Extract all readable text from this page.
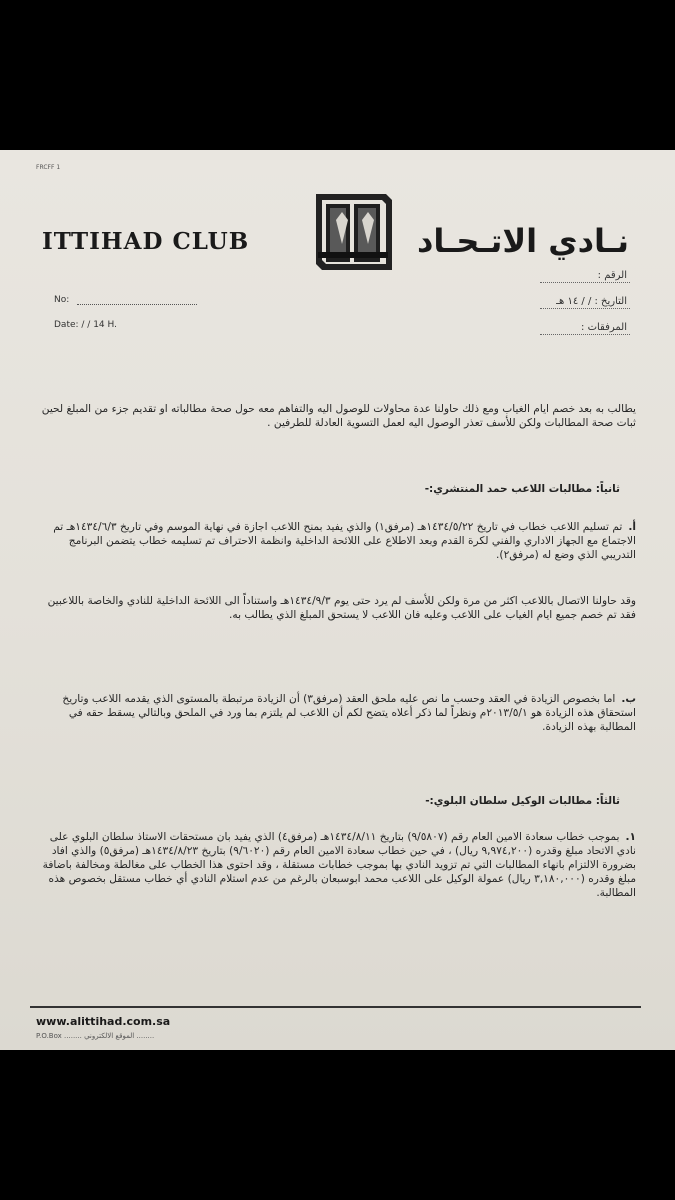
FRCFF 1
ITTIHAD CLUB	نـادي الاتـحـاد
No:
Date: / / 14 H.
الرقم :
التاريخ : / / ١٤ هـ
المرفقات :
يطالب به بعد خصم ايام الغياب ومع ذلك حاولنا عدة محاولات للوصول اليه والتفاهم معه حول صحة مطالباته او تقديم جزء من المبلغ لحين ثبات صحة المطالبات ولكن للأسف تعذر الوصول اليه لعمل التسوية العادلة للطرفين .
ثانياً: مطالبات اللاعب حمد المنتشري:-
أ.تم تسليم اللاعب خطاب في تاريخ ١٤٣٤/٥/٢٢هـ (مرفق١) والذي يفيد بمنح اللاعب اجازة في نهاية الموسم وفي تاريخ ١٤٣٤/٦/٣هـ تم الاجتماع مع الجهاز الاداري والفني لكرة القدم وبعد الاطلاع على اللائحة الداخلية وانظمة الاحتراف تم تسليمه خطاب يتضمن البرنامج التدريبي الذي وضع له (مرفق٢).
وقد حاولنا الاتصال باللاعب اكثر من مرة ولكن للأسف لم يرد حتى يوم ١٤٣٤/٩/٣هـ واستناداً الى اللائحة الداخلية للنادي والخاصة باللاعبين فقد تم خصم جميع ايام الغياب على اللاعب وعليه فان اللاعب لا يستحق المبلغ الذي يطالب به.
ب.اما بخصوص الزيادة في العقد وحسب ما نص عليه ملحق العقد (مرفق٣) أن الزيادة مرتبطة بالمستوى الذي يقدمه اللاعب وتاريخ استحقاق هذه الزيادة هو ٢٠١٣/٥/١م ونظراً لما ذكر أعلاه يتضح لكم أن اللاعب لم يلتزم بما ورد في الملحق وبالتالي يسقط حقه في المطالبة بهذه الزيادة.
ثالثاً: مطالبات الوكيل سلطان البلوي:-
١.بموجب خطاب سعادة الامين العام رقم (٩/٥٨٠٧) بتاريخ ١٤٣٤/٨/١١هـ (مرفق٤) الذي يفيد بان مستحقات الاستاذ سلطان البلوي على نادي الاتحاد مبلغ وقدره (٩,٩٧٤,٢٠٠ ريال) ، في حين خطاب سعادة الامين العام رقم (٩/٦٠٢٠) بتاريخ ١٤٣٤/٨/٢٣هـ (مرفق٥) والذي افاد بضرورة الالتزام بانهاء المطالبات التي تم تزويد النادي بها بموجب خطابات مستقلة ، وقد احتوى هذا الخطاب على مغالطة ومخالفة باضافة مبلغ وقدره (٣,١٨٠,٠٠٠ ريال) عمولة الوكيل على اللاعب محمد ابوسبعان بالرغم من عدم استلام النادي أي خطاب مستقل بخصوص هذه المطالبة.
www.alittihad.com.sa
P.O.Box ........ الموقع الالكتروني ........
